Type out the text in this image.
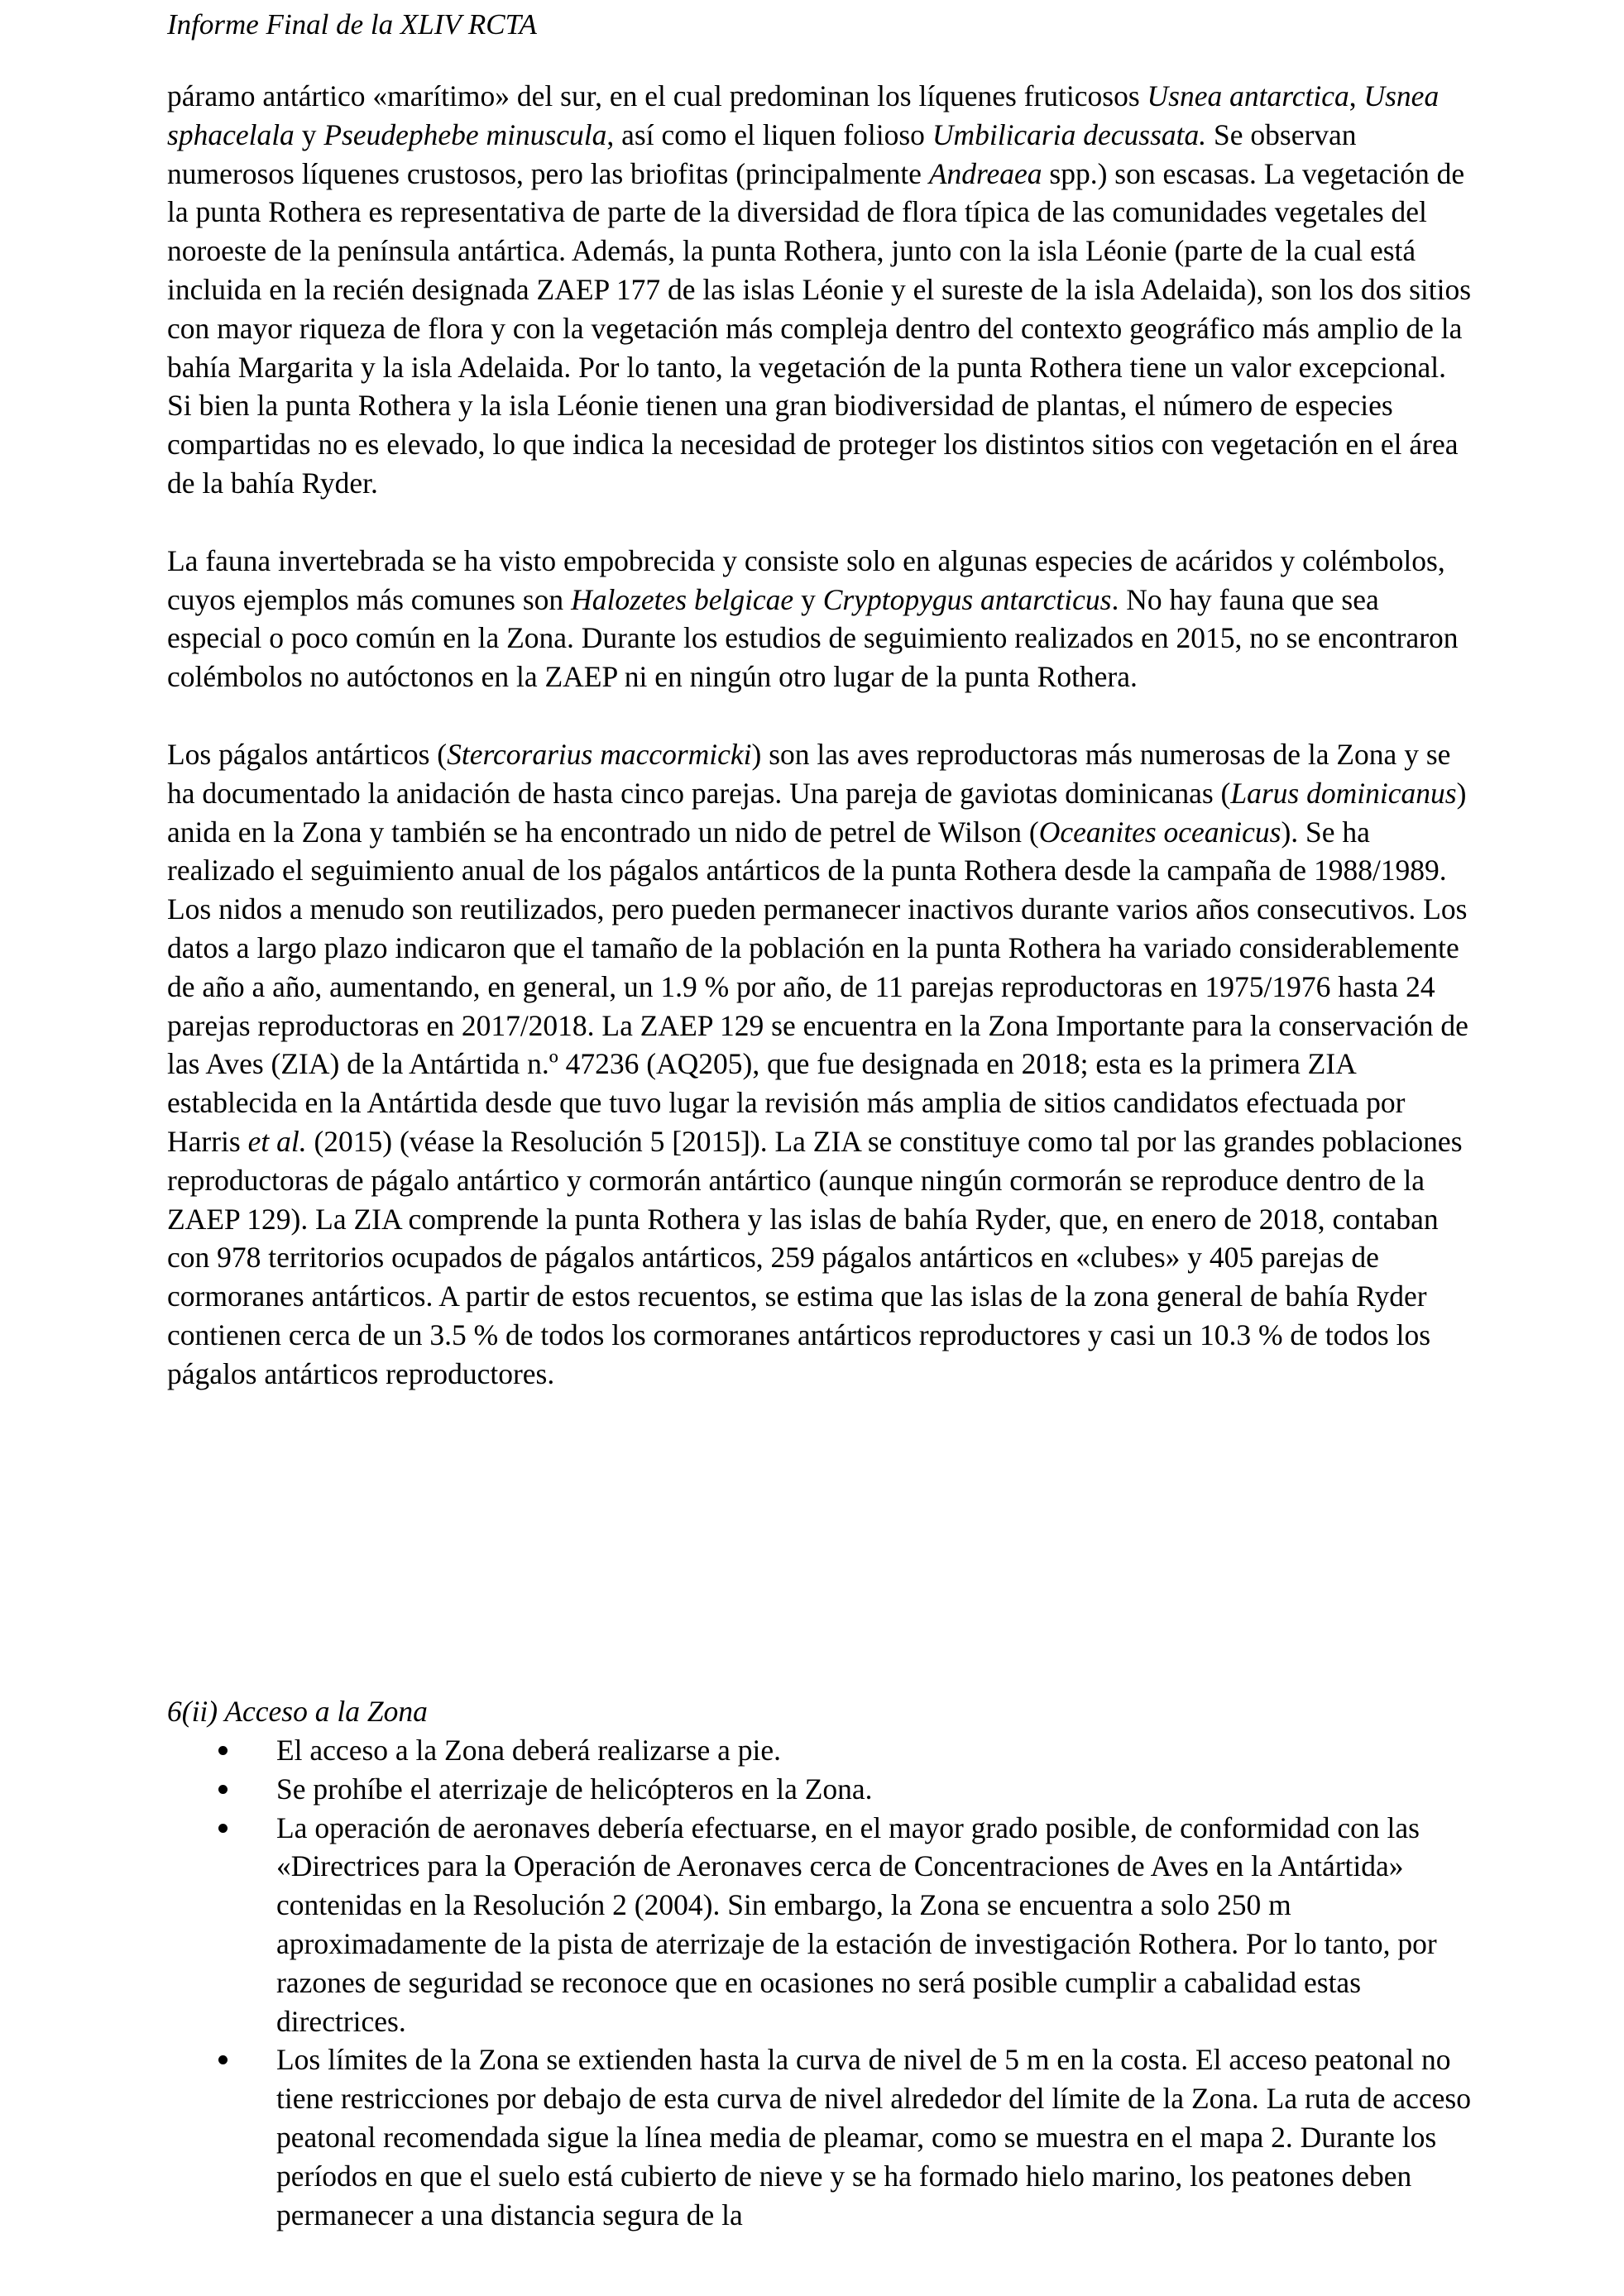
Informe Final de la XLIV RCTA

páramo antártico «marítimo» del sur, en el cual predominan los líquenes fruticosos Usnea antarctica, Usnea sphacelala y Pseudephebe minuscula, así como el liquen folioso Umbilicaria decussata. Se observan numerosos líquenes crustosos, pero las briofitas (principalmente Andreaea spp.) son escasas. La vegetación de la punta Rothera es representativa de parte de la diversidad de flora típica de las comunidades vegetales del noroeste de la península antártica. Además, la punta Rothera, junto con la isla Léonie (parte de la cual está incluida en la recién designada ZAEP 177 de las islas Léonie y el sureste de la isla Adelaida), son los dos sitios con mayor riqueza de flora y con la vegetación más compleja dentro del contexto geográfico más amplio de la bahía Margarita y la isla Adelaida. Por lo tanto, la vegetación de la punta Rothera tiene un valor excepcional. Si bien la punta Rothera y la isla Léonie tienen una gran biodiversidad de plantas, el número de especies compartidas no es elevado, lo que indica la necesidad de proteger los distintos sitios con vegetación en el área de la bahía Ryder.

La fauna invertebrada se ha visto empobrecida y consiste solo en algunas especies de acáridos y colémbolos, cuyos ejemplos más comunes son Halozetes belgicae y Cryptopygus antarcticus. No hay fauna que sea especial o poco común en la Zona. Durante los estudios de seguimiento realizados en 2015, no se encontraron colémbolos no autóctonos en la ZAEP ni en ningún otro lugar de la punta Rothera.

Los págalos antárticos (Stercorarius maccormicki) son las aves reproductoras más numerosas de la Zona y se ha documentado la anidación de hasta cinco parejas. Una pareja de gaviotas dominicanas (Larus dominicanus) anida en la Zona y también se ha encontrado un nido de petrel de Wilson (Oceanites oceanicus). Se ha realizado el seguimiento anual de los págalos antárticos de la punta Rothera desde la campaña de 1988/1989. Los nidos a menudo son reutilizados, pero pueden permanecer inactivos durante varios años consecutivos. Los datos a largo plazo indicaron que el tamaño de la población en la punta Rothera ha variado considerablemente de año a año, aumentando, en general, un 1.9 % por año, de 11 parejas reproductoras en 1975/1976 hasta 24 parejas reproductoras en 2017/2018. La ZAEP 129 se encuentra en la Zona Importante para la conservación de las Aves (ZIA) de la Antártida n.º 47236 (AQ205), que fue designada en 2018; esta es la primera ZIA establecida en la Antártida desde que tuvo lugar la revisión más amplia de sitios candidatos efectuada por Harris et al. (2015) (véase la Resolución 5 [2015]). La ZIA se constituye como tal por las grandes poblaciones reproductoras de págalo antártico y cormorán antártico (aunque ningún cormorán se reproduce dentro de la ZAEP 129). La ZIA comprende la punta Rothera y las islas de bahía Ryder, que, en enero de 2018, contaban con 978 territorios ocupados de págalos antárticos, 259 págalos antárticos en «clubes» y 405 parejas de cormoranes antárticos. A partir de estos recuentos, se estima que las islas de la zona general de bahía Ryder contienen cerca de un 3.5 % de todos los cormoranes antárticos reproductores y casi un 10.3 % de todos los págalos antárticos reproductores.

6(ii) Acceso a la Zona
El acceso a la Zona deberá realizarse a pie.
Se prohíbe el aterrizaje de helicópteros en la Zona.
La operación de aeronaves debería efectuarse, en el mayor grado posible, de conformidad con las «Directrices para la Operación de Aeronaves cerca de Concentraciones de Aves en la Antártida» contenidas en la Resolución 2 (2004). Sin embargo, la Zona se encuentra a solo 250 m aproximadamente de la pista de aterrizaje de la estación de investigación Rothera. Por lo tanto, por razones de seguridad se reconoce que en ocasiones no será posible cumplir a cabalidad estas directrices.
Los límites de la Zona se extienden hasta la curva de nivel de 5 m en la costa. El acceso peatonal no tiene restricciones por debajo de esta curva de nivel alrededor del límite de la Zona. La ruta de acceso peatonal recomendada sigue la línea media de pleamar, como se muestra en el mapa 2. Durante los períodos en que el suelo está cubierto de nieve y se ha formado hielo marino, los peatones deben permanecer a una distancia segura de la
